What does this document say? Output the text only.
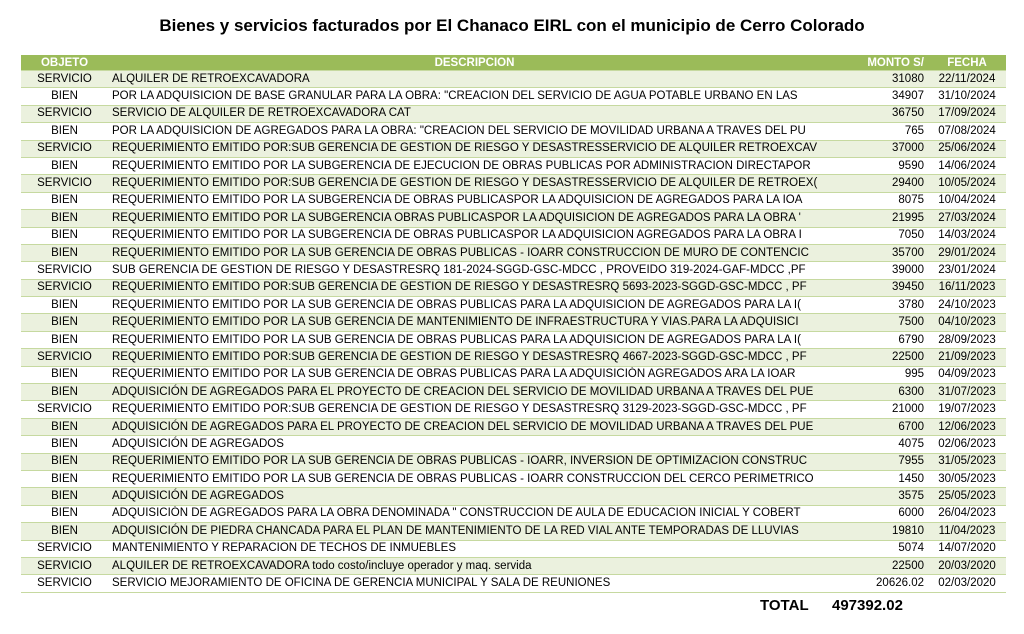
Bienes y servicios facturados por El Chanaco EIRL con el municipio de Cerro Colorado
OBJETO	DESCRIPCION	MONTO S/	FECHA
SERVICIO	ALQUILER DE RETROEXCAVADORA	31080	22/11/2024
BIEN	POR LA ADQUISICION DE BASE GRANULAR PARA LA OBRA: "CREACION DEL SERVICIO DE AGUA POTABLE URBANO EN LAS	34907	31/10/2024
SERVICIO	SERVICIO DE ALQUILER DE RETROEXCAVADORA CAT	36750	17/09/2024
BIEN	POR LA ADQUISICION DE AGREGADOS PARA LA OBRA: "CREACION DEL SERVICIO DE MOVILIDAD URBANA A TRAVES DEL PU	765	07/08/2024
SERVICIO	REQUERIMIENTO EMITIDO POR:SUB GERENCIA DE GESTION DE RIESGO Y DESASTRESSERVICIO DE ALQUILER RETROEXCAV	37000	25/06/2024
BIEN	REQUERIMIENTO EMITIDO POR LA SUBGERENCIA DE EJECUCION DE OBRAS PUBLICAS POR ADMINISTRACION DIRECTAPOR	9590	14/06/2024
SERVICIO	REQUERIMIENTO EMITIDO POR:SUB GERENCIA DE GESTION DE RIESGO Y DESASTRESSERVICIO DE ALQUILER DE RETROEX(	29400	10/05/2024
BIEN	REQUERIMIENTO EMITIDO POR LA SUBGERENCIA DE OBRAS PUBLICASPOR LA ADQUISICION DE AGREGADOS PARA LA IOA	8075	10/04/2024
BIEN	REQUERIMIENTO EMITIDO POR LA SUBGERENCIA OBRAS PUBLICASPOR LA ADQUISICION DE AGREGADOS PARA LA OBRA '	21995	27/03/2024
BIEN	REQUERIMIENTO EMITIDO POR LA SUBGERENCIA DE OBRAS PUBLICASPOR LA ADQUISICION AGREGADOS PARA LA OBRA I	7050	14/03/2024
BIEN	REQUERIMIENTO EMITIDO POR LA SUB GERENCIA DE OBRAS PUBLICAS - IOARR CONSTRUCCION DE MURO DE CONTENCIC	35700	29/01/2024
SERVICIO	SUB GERENCIA DE GESTION DE RIESGO Y DESASTRESRQ 181-2024-SGGD-GSC-MDCC , PROVEIDO 319-2024-GAF-MDCC ,PF	39000	23/01/2024
SERVICIO	REQUERIMIENTO EMITIDO POR:SUB GERENCIA DE GESTION DE RIESGO Y DESASTRESRQ 5693-2023-SGGD-GSC-MDCC , PF	39450	16/11/2023
BIEN	REQUERIMIENTO EMITIDO POR LA SUB GERENCIA DE OBRAS PUBLICAS PARA LA ADQUISICION DE AGREGADOS PARA LA I(	3780	24/10/2023
BIEN	REQUERIMIENTO EMITIDO POR LA SUB GERENCIA DE MANTENIMIENTO DE INFRAESTRUCTURA Y VIAS.PARA LA ADQUISICI	7500	04/10/2023
BIEN	REQUERIMIENTO EMITIDO POR LA SUB GERENCIA DE OBRAS PUBLICAS PARA LA ADQUISICION DE AGREGADOS PARA LA I(	6790	28/09/2023
SERVICIO	REQUERIMIENTO EMITIDO POR:SUB GERENCIA DE GESTION DE RIESGO Y DESASTRESRQ 4667-2023-SGGD-GSC-MDCC , PF	22500	21/09/2023
BIEN	REQUERIMIENTO EMITIDO POR LA SUB GERENCIA DE OBRAS PUBLICAS PARA LA ADQUISICIÓN AGREGADOS ARA LA IOAR	995	04/09/2023
BIEN	ADQUISICIÓN DE AGREGADOS PARA EL PROYECTO DE CREACION DEL SERVICIO DE MOVILIDAD URBANA A TRAVES DEL PUE	6300	31/07/2023
SERVICIO	REQUERIMIENTO EMITIDO POR:SUB GERENCIA DE GESTION DE RIESGO Y DESASTRESRQ 3129-2023-SGGD-GSC-MDCC , PF	21000	19/07/2023
BIEN	ADQUISICIÓN DE AGREGADOS PARA EL PROYECTO DE CREACION DEL SERVICIO DE MOVILIDAD URBANA A TRAVES DEL PUE	6700	12/06/2023
BIEN	ADQUISICIÓN DE AGREGADOS	4075	02/06/2023
BIEN	REQUERIMIENTO EMITIDO POR LA SUB GERENCIA DE OBRAS PUBLICAS - IOARR, INVERSION DE OPTIMIZACION CONSTRUC	7955	31/05/2023
BIEN	REQUERIMIENTO EMITIDO POR LA SUB GERENCIA DE OBRAS PUBLICAS - IOARR CONSTRUCCION DEL CERCO PERIMETRICO	1450	30/05/2023
BIEN	ADQUISICIÓN DE AGREGADOS	3575	25/05/2023
BIEN	ADQUISICIÓN DE AGREGADOS PARA LA OBRA DENOMINADA " CONSTRUCCION DE AULA DE EDUCACION INICIAL Y COBERT	6000	26/04/2023
BIEN	ADQUISICIÓN DE PIEDRA CHANCADA PARA EL PLAN DE MANTENIMIENTO DE LA RED VIAL ANTE TEMPORADAS DE LLUVIAS	19810	11/04/2023
SERVICIO	MANTENIMIENTO Y REPARACION DE TECHOS DE INMUEBLES	5074	14/07/2020
SERVICIO	ALQUILER DE RETROEXCAVADORA todo costo/incluye operador y maq. servida	22500	20/03/2020
SERVICIO	SERVICIO MEJORAMIENTO DE OFICINA DE GERENCIA MUNICIPAL Y SALA DE REUNIONES	20626.02	02/03/2020
TOTAL 497392.02
